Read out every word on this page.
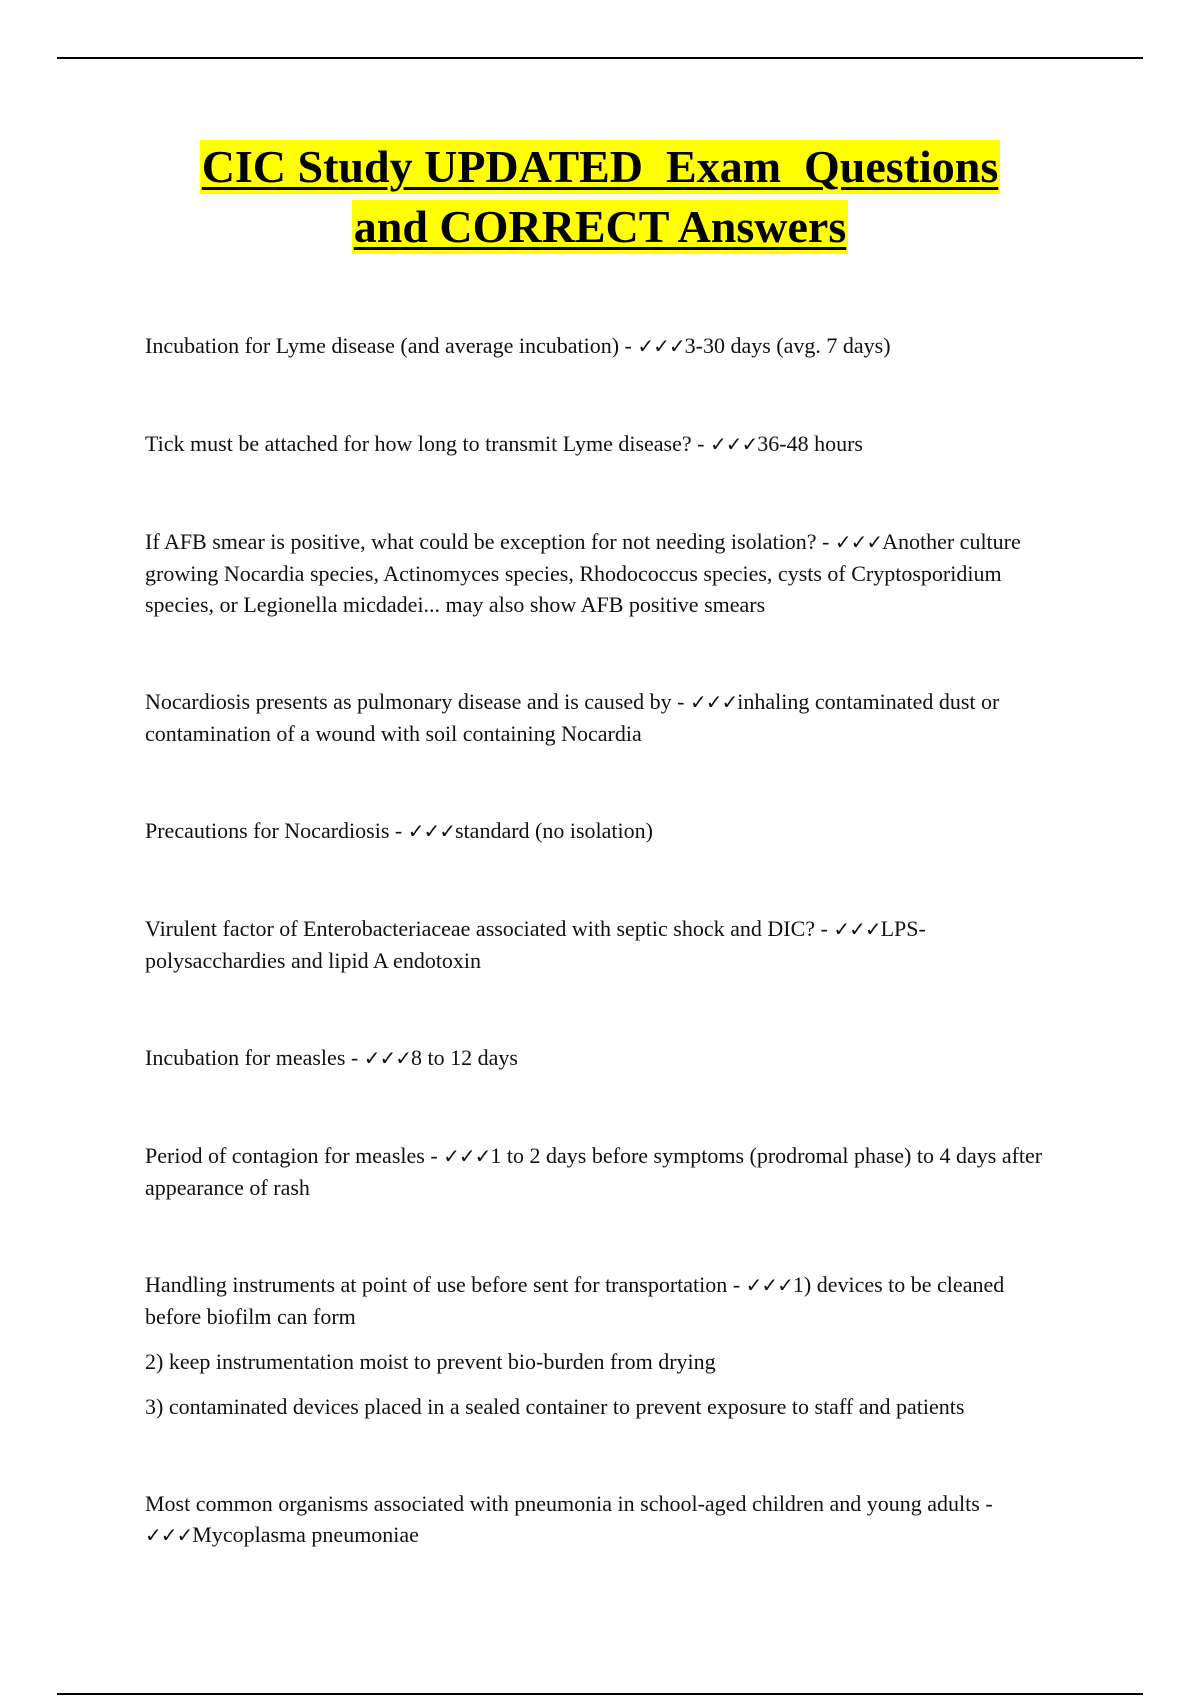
CIC Study UPDATED  Exam  Questions
and CORRECT Answers

Incubation for Lyme disease (and average incubation) - ✓✓✓3-30 days (avg. 7 days)

Tick must be attached for how long to transmit Lyme disease? - ✓✓✓36-48 hours

If AFB smear is positive, what could be exception for not needing isolation? - ✓✓✓Another culture growing Nocardia species, Actinomyces species, Rhodococcus species, cysts of Cryptosporidium species, or Legionella micdadei... may also show AFB positive smears

Nocardiosis presents as pulmonary disease and is caused by - ✓✓✓inhaling contaminated dust or contamination of a wound with soil containing Nocardia

Precautions for Nocardiosis - ✓✓✓standard (no isolation)

Virulent factor of Enterobacteriaceae associated with septic shock and DIC? - ✓✓✓LPS-polysacchardies and lipid A endotoxin

Incubation for measles - ✓✓✓8 to 12 days

Period of contagion for measles - ✓✓✓1 to 2 days before symptoms (prodromal phase) to 4 days after appearance of rash

Handling instruments at point of use before sent for transportation - ✓✓✓1) devices to be cleaned before biofilm can form

2) keep instrumentation moist to prevent bio-burden from drying

3) contaminated devices placed in a sealed container to prevent exposure to staff and patients

Most common organisms associated with pneumonia in school-aged children and young adults - ✓✓✓Mycoplasma pneumoniae
